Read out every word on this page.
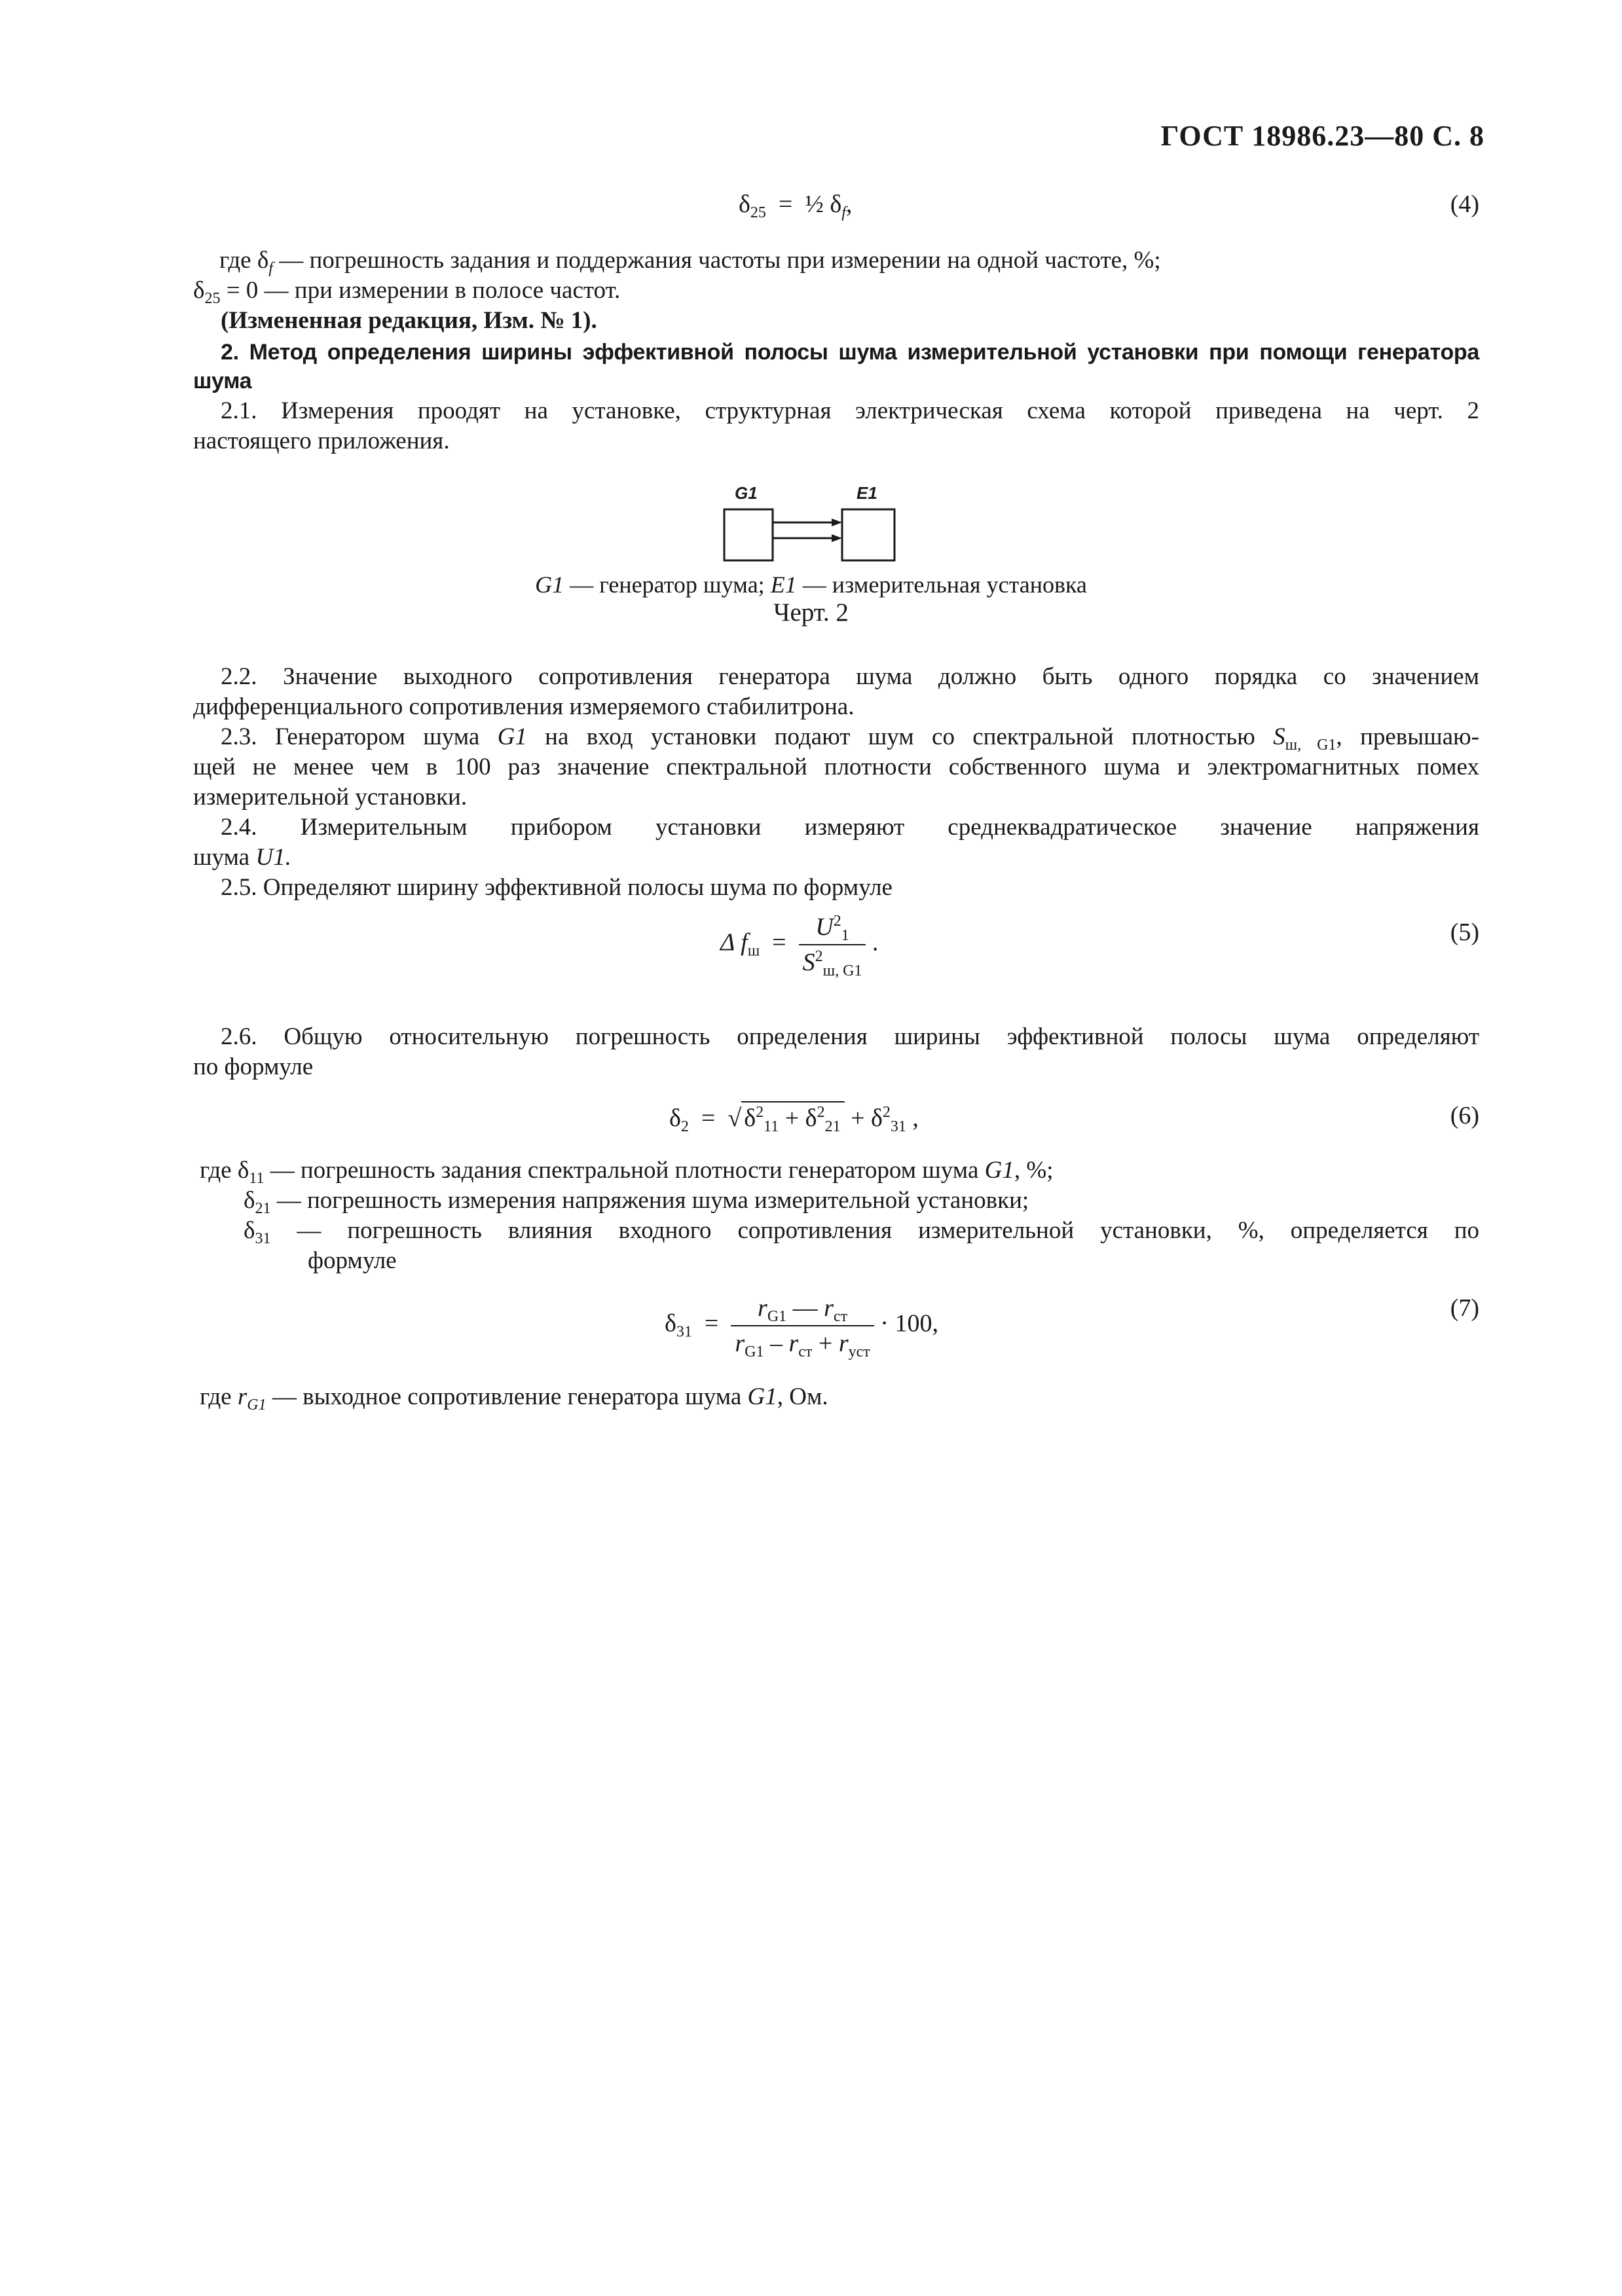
ГОСТ 18986.23—80 С. 8
$\delta_{25}$ = ½ $\delta_f$,	(4)
где $\delta_f$ — погрешность задания и поддержания частоты при измерении на одной частоте, %;
$\delta_{25} = 0$ — при измерении в полосе частот.
(Измененная редакция, Изм. № 1).
2. Метод определения ширины эффективной полосы шума измерительной установки при помощи генератора
шума
2.1. Измерения проодят на установке, структурная электрическая схема которой приведена на черт. 2
настоящего приложения.
G1	E1
G1 — генератор шума; E1 — измерительная установка
Черт. 2
2.2. Значение выходного сопротивления генератора шума должно быть одного порядка со значением
дифференциального сопротивления измеряемого стабилитрона.
2.3. Генератором шума G1 на вход установки подают шум со спектральной плотностью $S_{ш, G1}$, превышаю-
щей не менее чем в 100 раз значение спектральной плотности собственного шума и электромагнитных помех
измерительной установки.
2.4. Измерительным прибором установки измеряют среднеквадратическое значение напряжения
шума U1.
2.5. Определяют ширину эффективной полосы шума по формуле
Δ $f_ш = \frac{U^2_1}{S^2_{ш, G1}}$ .	(5)
2.6. Общую относительную погрешность определения ширины эффективной полосы шума определяют
по формуле
$\delta_2$ = √ $\delta^2_{11} + \delta^2_{21} + \delta^2_{31}$ ,	(6)
где $\delta_{11}$ — погрешность задания спектральной плотности генератором шума G1, %;
$\delta_{21}$ — погрешность измерения напряжения шума измерительной установки;
$\delta_{31}$ — погрешность влияния входного сопротивления измерительной установки, %, определяется по
формуле
$\delta_{31} = \frac{r_{G1} — r_{ст}}{r_{G1} - r_{ст} + r_{уст}} \cdot 100$,
(7)
где $r_{G1}$ — выходное сопротивление генератора шума G1, Ом.
